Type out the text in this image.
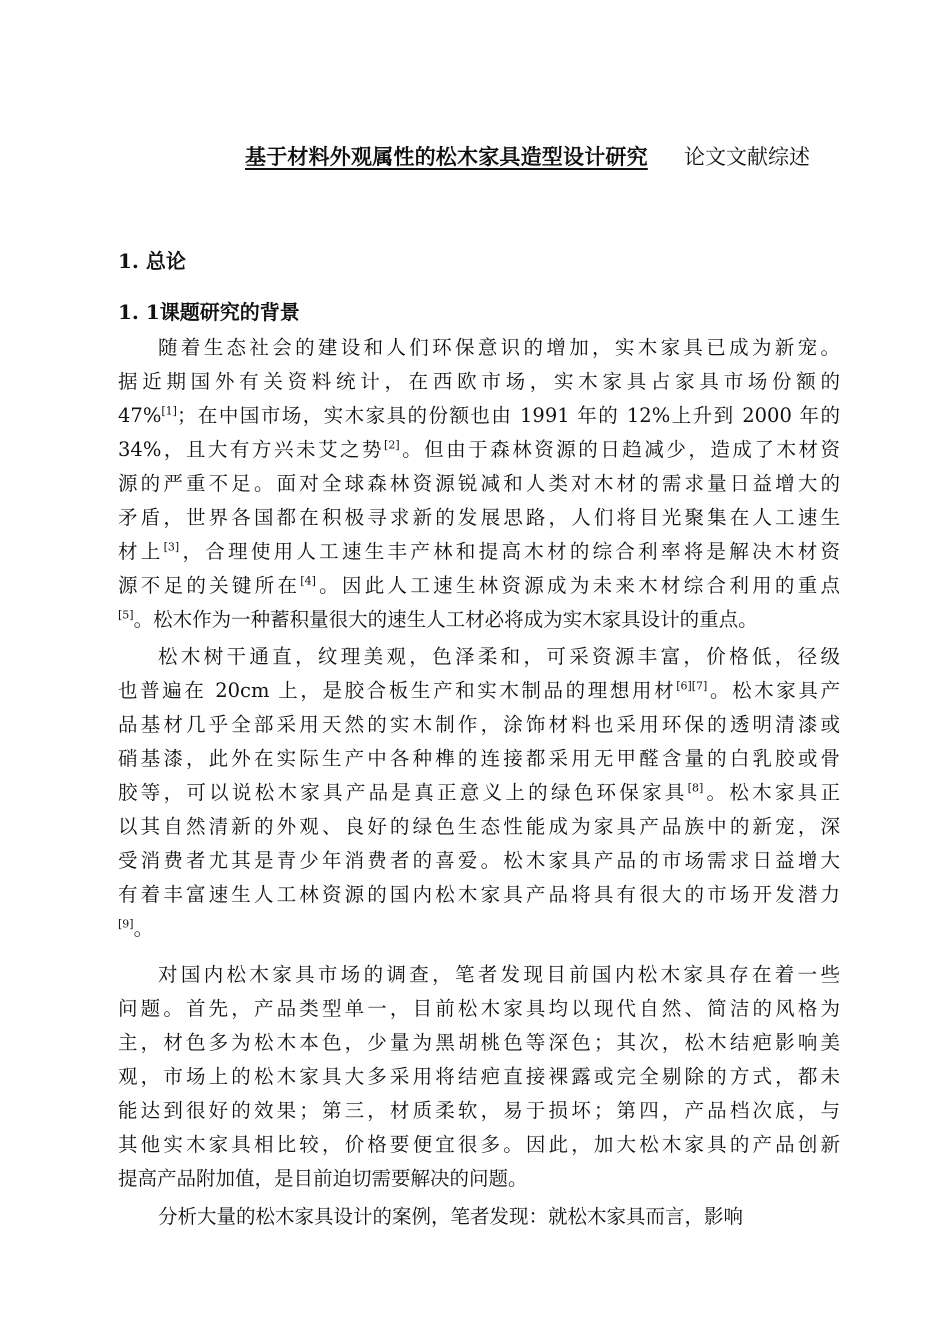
基于材料外观属性的松木家具造型设计研究 论文文献综述
1. 总论
1. 1课题研究的背景
随着生态社会的建设和人们环保意识的增加，实木家具已成为新宠。
据近期国外有关资料统计，在西欧市场，实木家具占家具市场份额的
47%[1]；在中国市场，实木家具的份额也由 1991 年的 12%上升到 2000 年的
34%，且大有方兴未艾之势[2]。但由于森林资源的日趋减少，造成了木材资
源的严重不足。面对全球森林资源锐减和人类对木材的需求量日益增大的
矛盾，世界各国都在积极寻求新的发展思路，人们将目光聚集在人工速生
材上[3]，合理使用人工速生丰产林和提高木材的综合利率将是解决木材资
源不足的关键所在[4]。因此人工速生林资源成为未来木材综合利用的重点
[5]。松木作为一种蓄积量很大的速生人工材必将成为实木家具设计的重点。
松木树干通直，纹理美观，色泽柔和，可采资源丰富，价格低，径级
也普遍在 20cm 上，是胶合板生产和实木制品的理想用材[6][7]。松木家具产
品基材几乎全部采用天然的实木制作，涂饰材料也采用环保的透明清漆或
硝基漆，此外在实际生产中各种榫的连接都采用无甲醛含量的白乳胶或骨
胶等，可以说松木家具产品是真正意义上的绿色环保家具[8]。松木家具正
以其自然清新的外观、良好的绿色生态性能成为家具产品族中的新宠，深
受消费者尤其是青少年消费者的喜爱。松木家具产品的市场需求日益增大
有着丰富速生人工林资源的国内松木家具产品将具有很大的市场开发潜力
[9]。
对国内松木家具市场的调查，笔者发现目前国内松木家具存在着一些
问题。首先，产品类型单一，目前松木家具均以现代自然、简洁的风格为
主，材色多为松木本色，少量为黑胡桃色等深色；其次，松木结疤影响美
观，市场上的松木家具大多采用将结疤直接裸露或完全剔除的方式，都未
能达到很好的效果；第三，材质柔软，易于损坏；第四，产品档次底，与
其他实木家具相比较，价格要便宜很多。因此，加大松木家具的产品创新
提高产品附加值，是目前迫切需要解决的问题。
分析大量的松木家具设计的案例，笔者发现：就松木家具而言，影响
